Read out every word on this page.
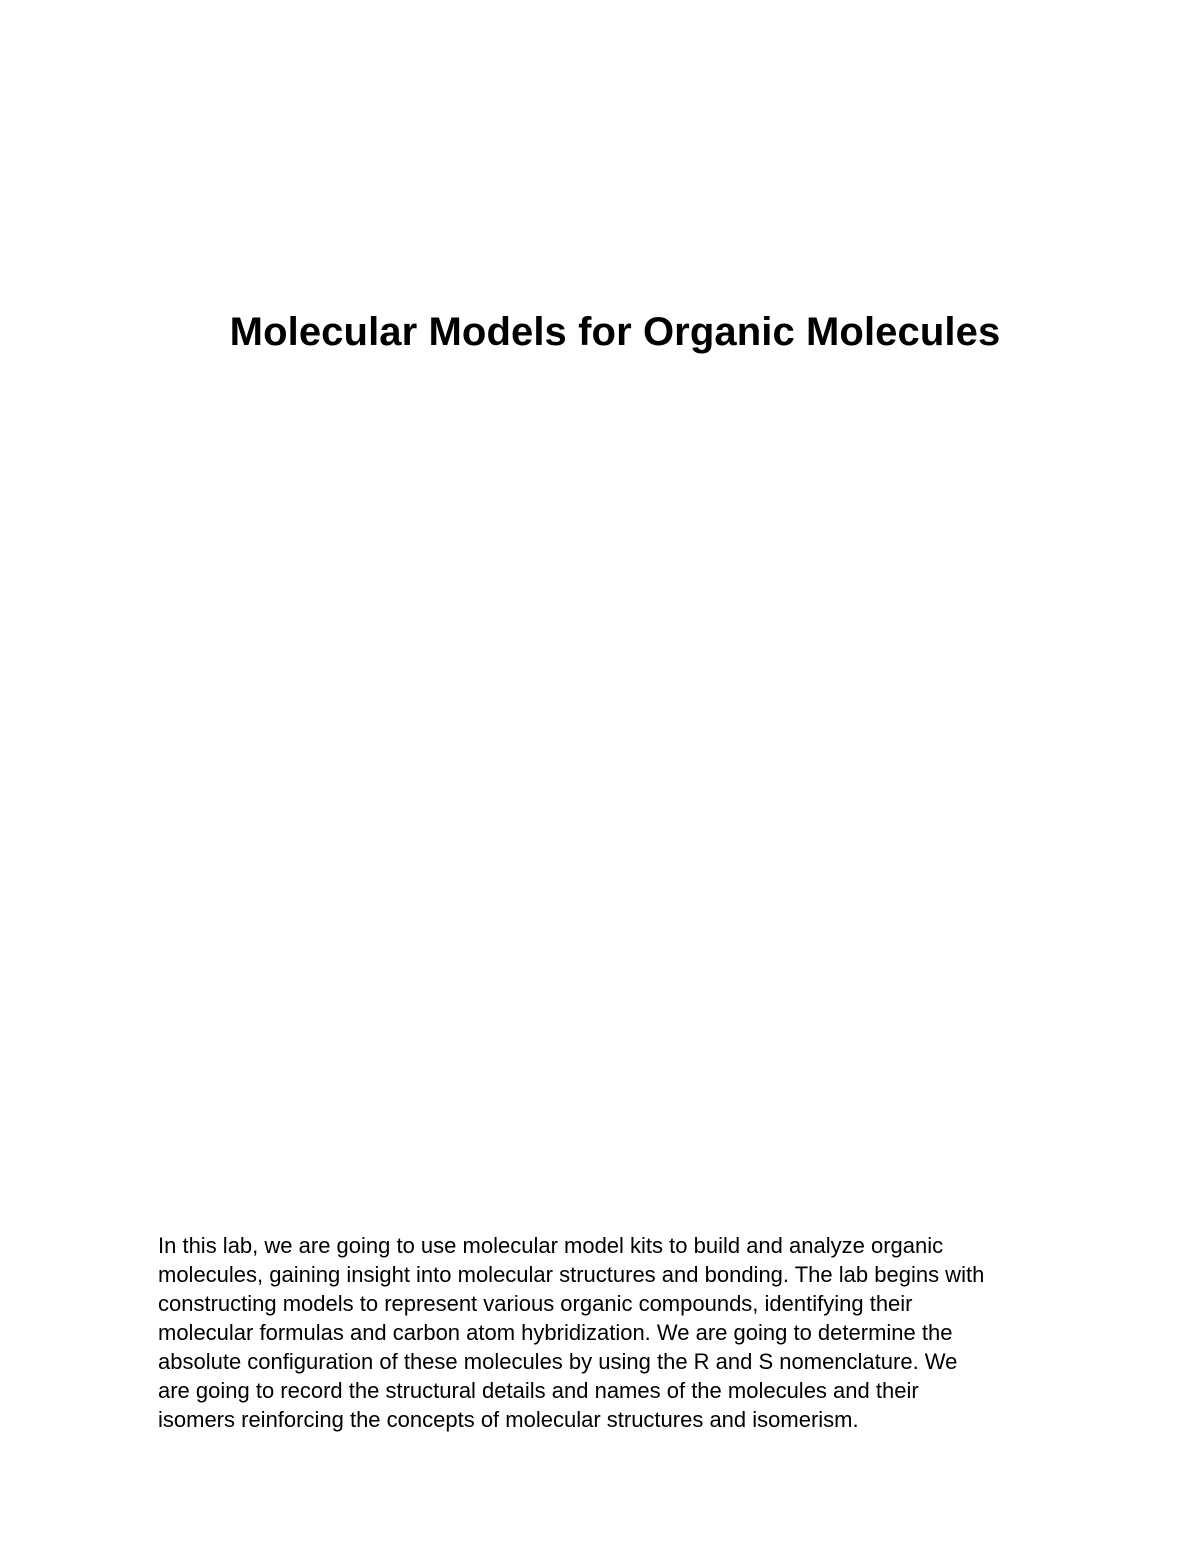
Molecular Models for Organic Molecules

In this lab, we are going to use molecular model kits to build and analyze organic
molecules, gaining insight into molecular structures and bonding. The lab begins with
constructing models to represent various organic compounds, identifying their
molecular formulas and carbon atom hybridization. We are going to determine the
absolute configuration of these molecules by using the R and S nomenclature. We
are going to record the structural details and names of the molecules and their
isomers reinforcing the concepts of molecular structures and isomerism.
